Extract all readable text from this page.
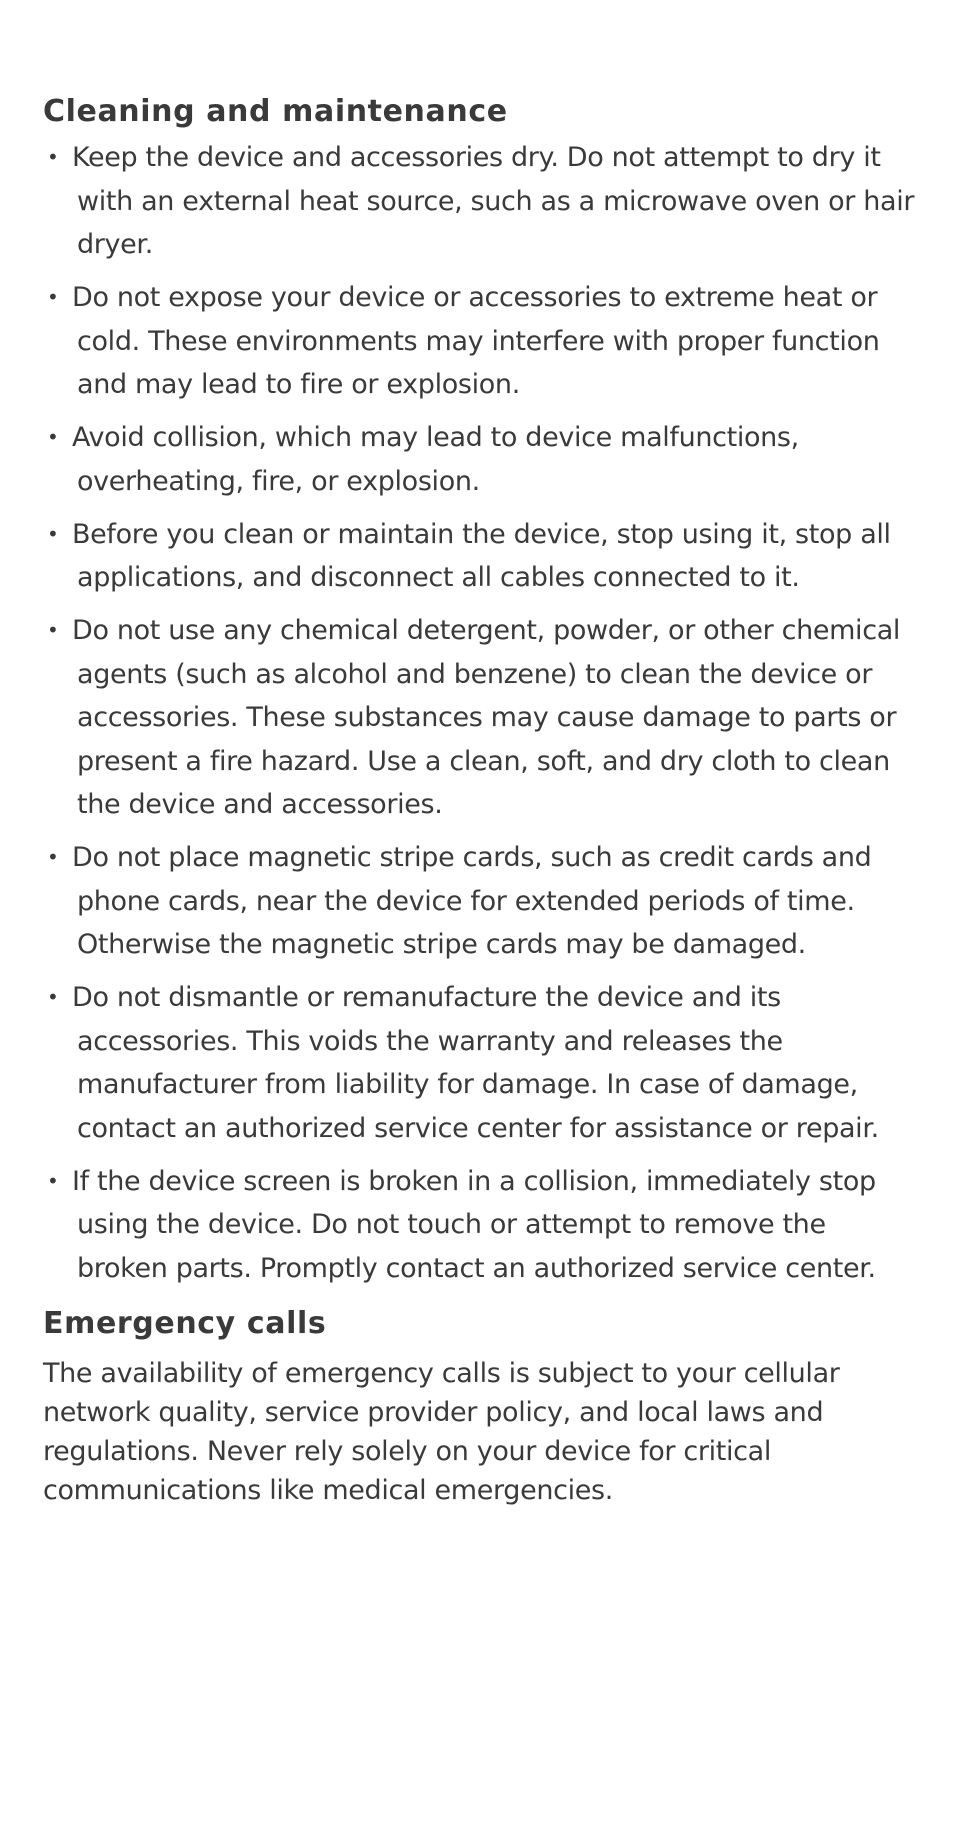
Cleaning and maintenance
• Keep the device and accessories dry. Do not attempt to dry it with an external heat source, such as a microwave oven or hair dryer.
• Do not expose your device or accessories to extreme heat or cold. These environments may interfere with proper function and may lead to fire or explosion.
• Avoid collision, which may lead to device malfunctions, overheating, fire, or explosion.
• Before you clean or maintain the device, stop using it, stop all applications, and disconnect all cables connected to it.
• Do not use any chemical detergent, powder, or other chemical agents (such as alcohol and benzene) to clean the device or accessories. These substances may cause damage to parts or present a fire hazard. Use a clean, soft, and dry cloth to clean the device and accessories.
• Do not place magnetic stripe cards, such as credit cards and phone cards, near the device for extended periods of time. Otherwise the magnetic stripe cards may be damaged.
• Do not dismantle or remanufacture the device and its accessories. This voids the warranty and releases the manufacturer from liability for damage. In case of damage, contact an authorized service center for assistance or repair.
• If the device screen is broken in a collision, immediately stop using the device. Do not touch or attempt to remove the broken parts. Promptly contact an authorized service center.
Emergency calls

The availability of emergency calls is subject to your cellular network quality, service provider policy, and local laws and regulations. Never rely solely on your device for critical communications like medical emergencies.
